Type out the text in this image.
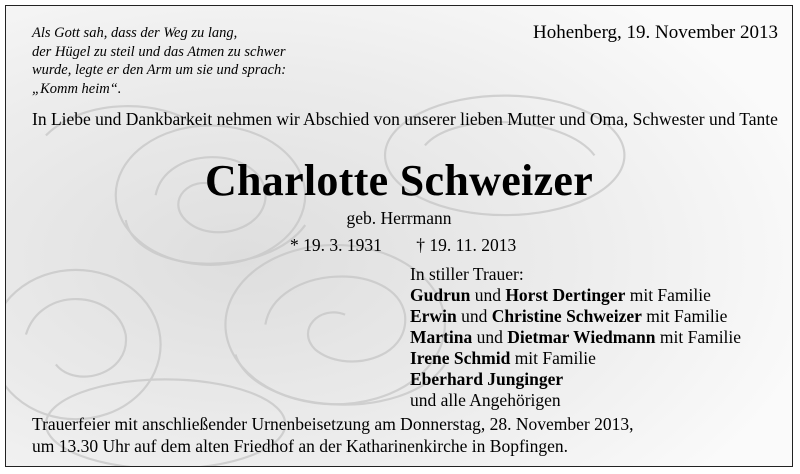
Als Gott sah, dass der Weg zu lang,
der Hügel zu steil und das Atmen zu schwer
wurde, legte er den Arm um sie und sprach:
„Komm heim“.
Hohenberg, 19. November 2013
In Liebe und Dankbarkeit nehmen wir Abschied von unserer lieben Mutter und Oma, Schwester und Tante
Charlotte Schweizer
geb. Herrmann
* 19. 3. 1931 † 19. 11. 2013
In stiller Trauer:
Gudrun und Horst Dertinger mit Familie
Erwin und Christine Schweizer mit Familie
Martina und Dietmar Wiedmann mit Familie
Irene Schmid mit Familie
Eberhard Junginger
und alle Angehörigen
Trauerfeier mit anschließender Urnenbeisetzung am Donnerstag, 28. November 2013,
um 13.30 Uhr auf dem alten Friedhof an der Katharinenkirche in Bopfingen.
